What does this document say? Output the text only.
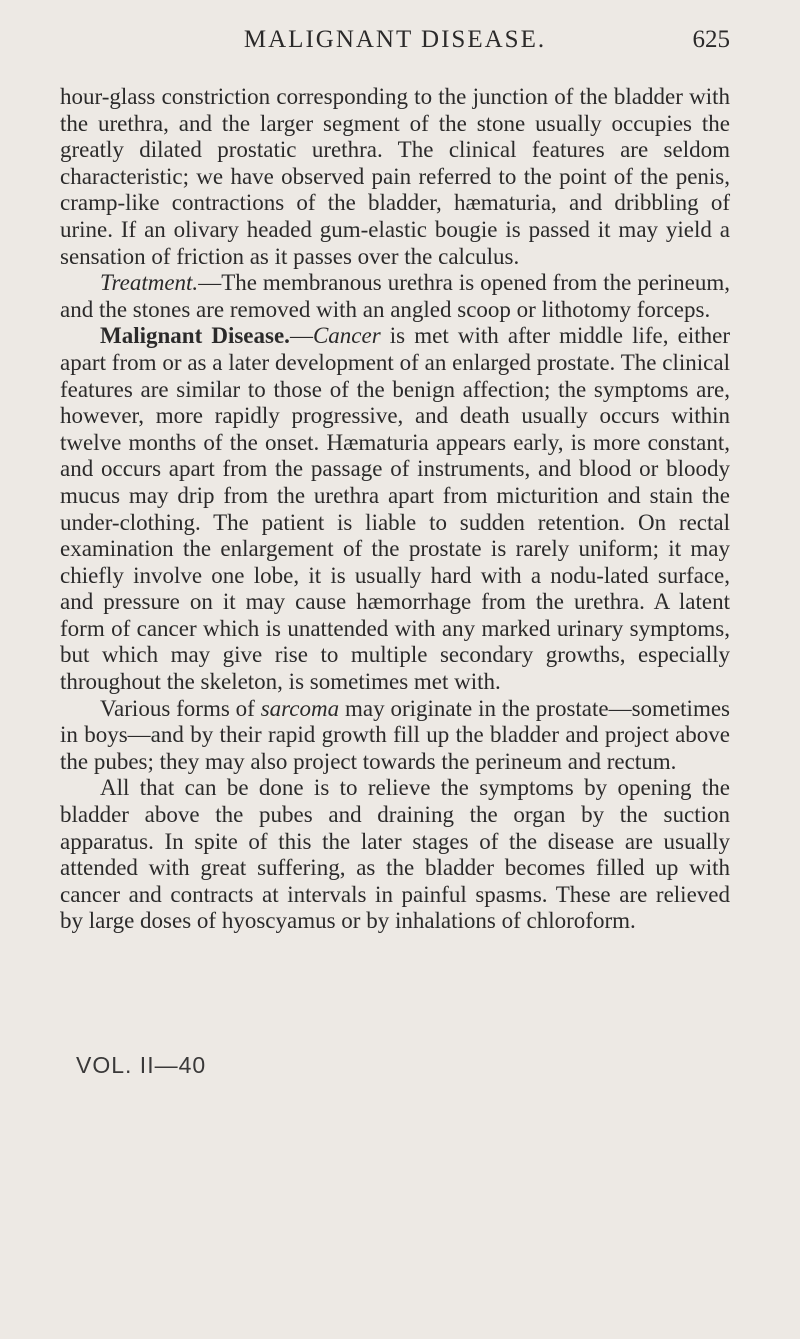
MALIGNANT DISEASE.	625

hour-glass constriction corresponding to the junction of the bladder with the urethra, and the larger segment of the stone usually occupies the greatly dilated prostatic urethra. The clinical features are seldom characteristic; we have observed pain referred to the point of the penis, cramp-like contractions of the bladder, hæmaturia, and dribbling of urine. If an olivary headed gum-elastic bougie is passed it may yield a sensation of friction as it passes over the calculus.

Treatment.—The membranous urethra is opened from the perineum, and the stones are removed with an angled scoop or lithotomy forceps.

Malignant Disease.—Cancer is met with after middle life, either apart from or as a later development of an enlarged prostate. The clinical features are similar to those of the benign affection; the symptoms are, however, more rapidly progressive, and death usually occurs within twelve months of the onset. Hæmaturia appears early, is more constant, and occurs apart from the passage of instruments, and blood or bloody mucus may drip from the urethra apart from micturition and stain the under-clothing. The patient is liable to sudden retention. On rectal examination the enlargement of the prostate is rarely uniform; it may chiefly involve one lobe, it is usually hard with a nodu-lated surface, and pressure on it may cause hæmorrhage from the urethra. A latent form of cancer which is unattended with any marked urinary symptoms, but which may give rise to multiple secondary growths, especially throughout the skeleton, is sometimes met with.

Various forms of sarcoma may originate in the prostate—sometimes in boys—and by their rapid growth fill up the bladder and project above the pubes; they may also project towards the perineum and rectum.

All that can be done is to relieve the symptoms by opening the bladder above the pubes and draining the organ by the suction apparatus. In spite of this the later stages of the disease are usually attended with great suffering, as the bladder becomes filled up with cancer and contracts at intervals in painful spasms. These are relieved by large doses of hyoscyamus or by inhalations of chloroform.

VOL. II—40
